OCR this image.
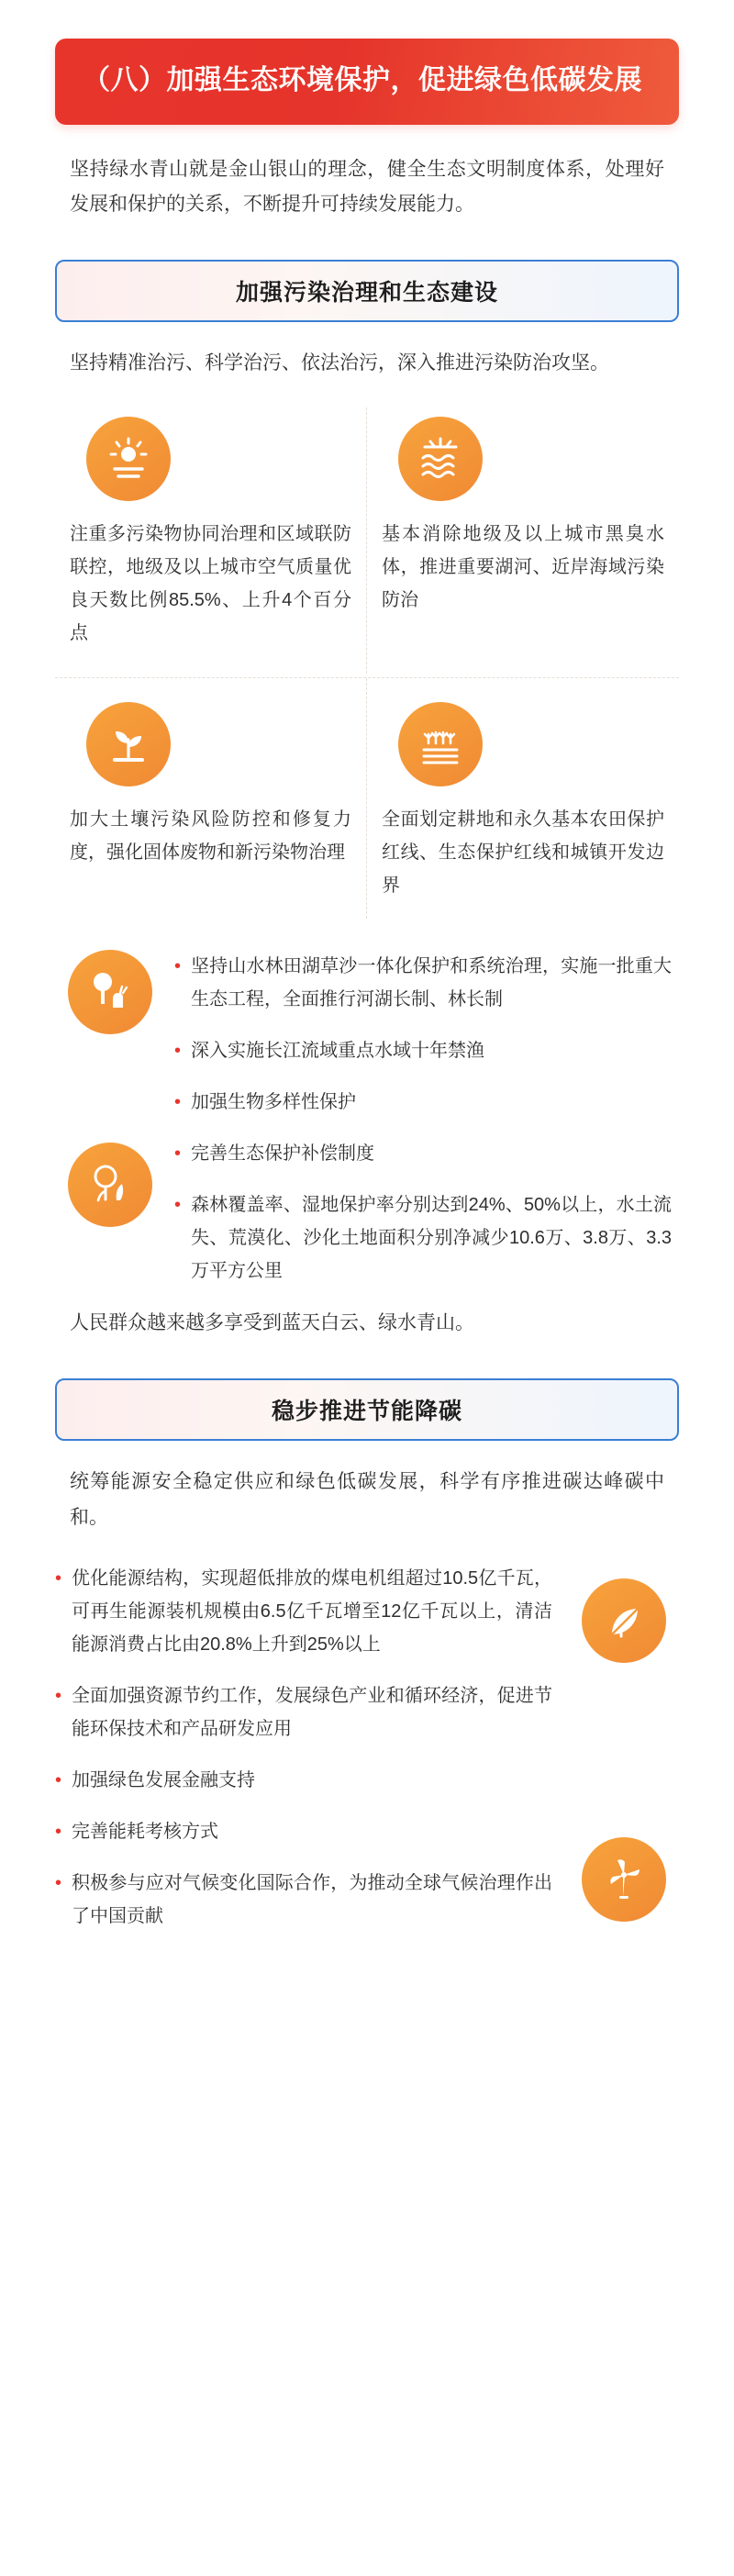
（八）加强生态环境保护，促进绿色低碳发展
坚持绿水青山就是金山银山的理念，健全生态文明制度体系，处理好发展和保护的关系，不断提升可持续发展能力。
加强污染治理和生态建设
坚持精准治污、科学治污、依法治污，深入推进污染防治攻坚。
注重多污染物协同治理和区域联防联控，地级及以上城市空气质量优良天数比例85.5%、上升4个百分点
基本消除地级及以上城市黑臭水体，推进重要湖河、近岸海域污染防治
加大土壤污染风险防控和修复力度，强化固体废物和新污染物治理
全面划定耕地和永久基本农田保护红线、生态保护红线和城镇开发边界
• 坚持山水林田湖草沙一体化保护和系统治理，实施一批重大生态工程，全面推行河湖长制、林长制
• 深入实施长江流域重点水域十年禁渔
• 加强生物多样性保护
• 完善生态保护补偿制度
• 森林覆盖率、湿地保护率分别达到24%、50%以上，水土流失、荒漠化、沙化土地面积分别净减少10.6万、3.8万、3.3万平方公里
人民群众越来越多享受到蓝天白云、绿水青山。
稳步推进节能降碳
统筹能源安全稳定供应和绿色低碳发展，科学有序推进碳达峰碳中和。
• 优化能源结构，实现超低排放的煤电机组超过10.5亿千瓦，可再生能源装机规模由6.5亿千瓦增至12亿千瓦以上，清洁能源消费占比由20.8%上升到25%以上
• 全面加强资源节约工作，发展绿色产业和循环经济，促进节能环保技术和产品研发应用
• 加强绿色发展金融支持
• 完善能耗考核方式
• 积极参与应对气候变化国际合作，为推动全球气候治理作出了中国贡献
